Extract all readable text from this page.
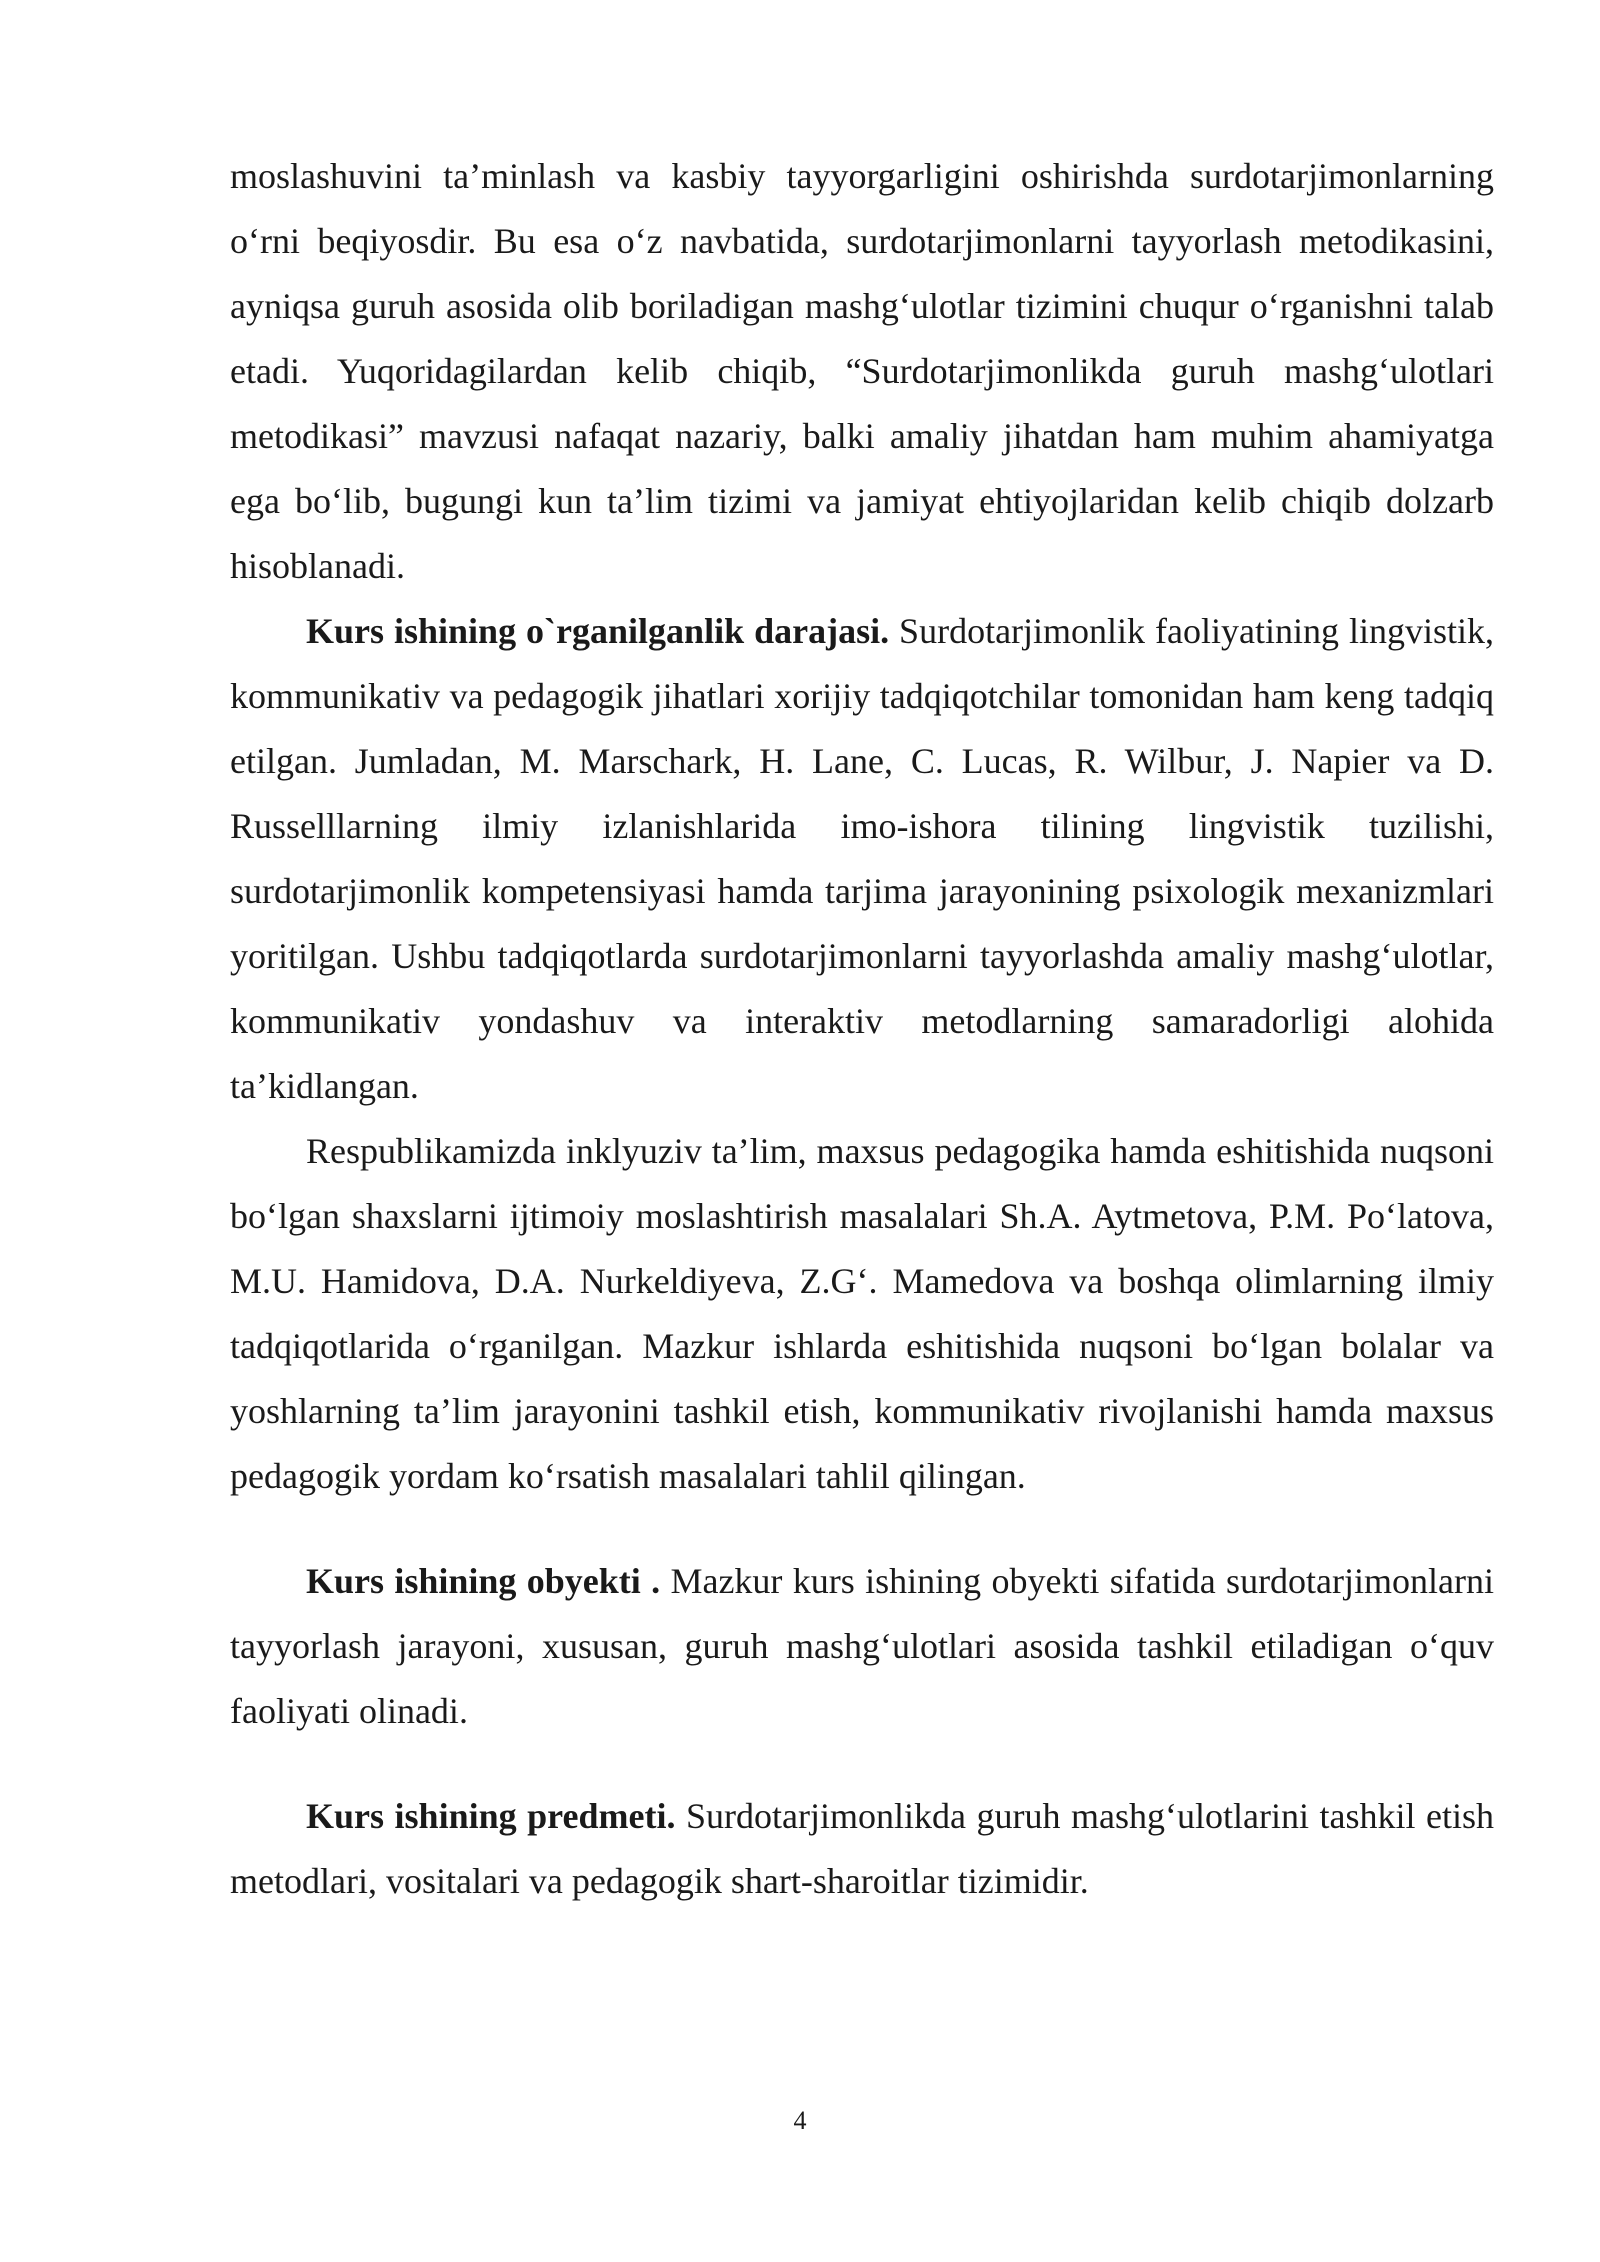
moslashuvini ta’minlash va kasbiy tayyorgarligini oshirishda surdotarjimonlarning o‘rni beqiyosdir. Bu esa o‘z navbatida, surdotarjimonlarni tayyorlash metodikasini, ayniqsa guruh asosida olib boriladigan mashg‘ulotlar tizimini chuqur o‘rganishni talab etadi. Yuqoridagilardan kelib chiqib, “Surdotarjimonlikda guruh mashg‘ulotlari metodikasi” mavzusi nafaqat nazariy, balki amaliy jihatdan ham muhim ahamiyatga ega bo‘lib, bugungi kun ta’lim tizimi va jamiyat ehtiyojlaridan kelib chiqib dolzarb hisoblanadi.

Kurs ishining o`rganilganlik darajasi. Surdotarjimonlik faoliyatining lingvistik, kommunikativ va pedagogik jihatlari xorijiy tadqiqotchilar tomonidan ham keng tadqiq etilgan. Jumladan, M. Marschark, H. Lane, C. Lucas, R. Wilbur, J. Napier va D. Russelllarning ilmiy izlanishlarida imo-ishora tilining lingvistik tuzilishi, surdotarjimonlik kompetensiyasi hamda tarjima jarayonining psixologik mexanizmlari yoritilgan. Ushbu tadqiqotlarda surdotarjimonlarni tayyorlashda amaliy mashg‘ulotlar, kommunikativ yondashuv va interaktiv metodlarning samaradorligi alohida ta’kidlangan.

Respublikamizda inklyuziv ta’lim, maxsus pedagogika hamda eshitishida nuqsoni bo‘lgan shaxslarni ijtimoiy moslashtirish masalalari Sh.A. Aytmetova, P.M. Po‘latova, M.U. Hamidova, D.A. Nurkeldiyeva, Z.G‘. Mamedova va boshqa olimlarning ilmiy tadqiqotlarida o‘rganilgan. Mazkur ishlarda eshitishida nuqsoni bo‘lgan bolalar va yoshlarning ta’lim jarayonini tashkil etish, kommunikativ rivojlanishi hamda maxsus pedagogik yordam ko‘rsatish masalalari tahlil qilingan.

Kurs ishining obyekti . Mazkur kurs ishining obyekti sifatida surdotarjimonlarni tayyorlash jarayoni, xususan, guruh mashg‘ulotlari asosida tashkil etiladigan o‘quv faoliyati olinadi.

Kurs ishining predmeti. Surdotarjimonlikda guruh mashg‘ulotlarini tashkil etish metodlari, vositalari va pedagogik shart-sharoitlar tizimidir.

4
